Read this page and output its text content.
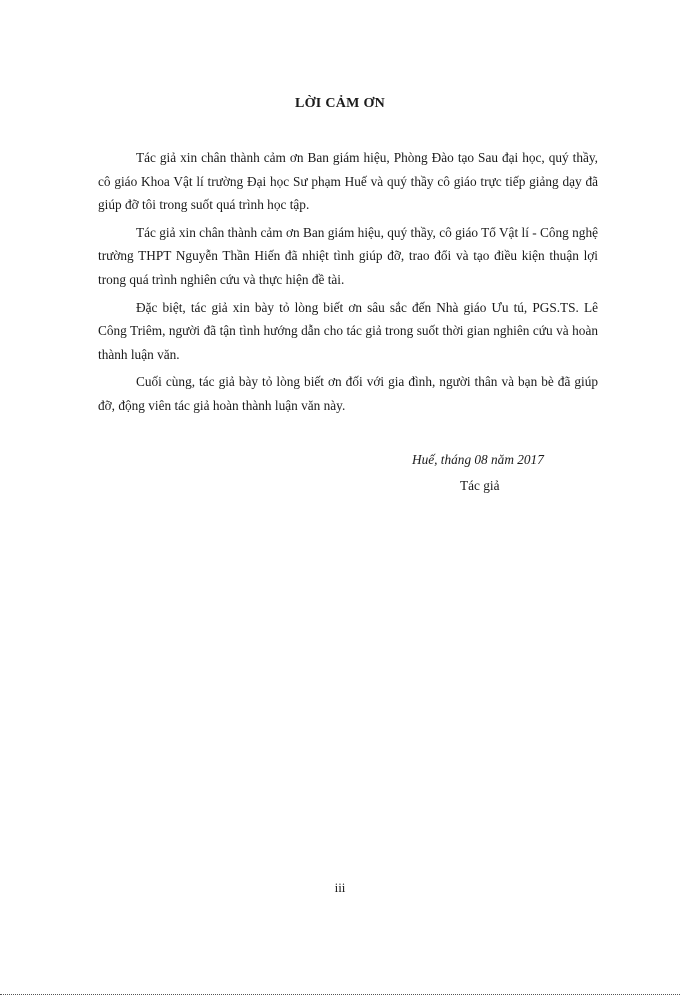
LỜI CẢM ƠN

Tác giả xin chân thành cảm ơn Ban giám hiệu, Phòng Đào tạo Sau đại học, quý thầy, cô giáo Khoa Vật lí trường Đại học Sư phạm Huế và quý thầy cô giáo trực tiếp giảng dạy đã giúp đỡ tôi trong suốt quá trình học tập.

Tác giả xin chân thành cảm ơn Ban giám hiệu, quý thầy, cô giáo Tổ Vật lí - Công nghệ trường THPT Nguyễn Thần Hiến đã nhiệt tình giúp đỡ, trao đổi và tạo điều kiện thuận lợi trong quá trình nghiên cứu và thực hiện đề tài.

Đặc biệt, tác giả xin bày tỏ lòng biết ơn sâu sắc đến Nhà giáo Ưu tú, PGS.TS. Lê Công Triêm, người đã tận tình hướng dẫn cho tác giả trong suốt thời gian nghiên cứu và hoàn thành luận văn.

Cuối cùng, tác giả bày tỏ lòng biết ơn đối với gia đình, người thân và bạn bè đã giúp đỡ, động viên tác giả hoàn thành luận văn này.

Huế, tháng 08 năm 2017
Tác giả
iii
